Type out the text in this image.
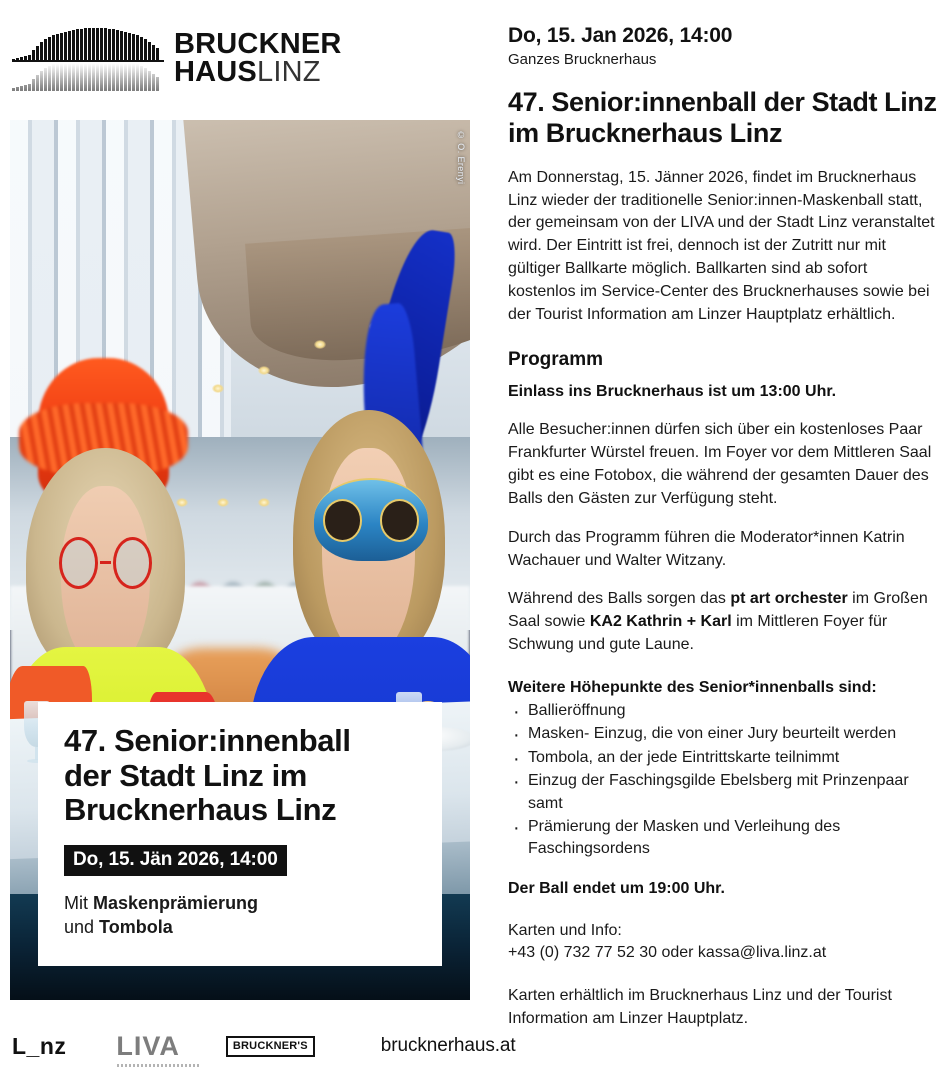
BRUCKNER
HAUSLINZ
© O. Erenyi
47. Senior:innenball
der Stadt Linz im
Brucknerhaus Linz
Do, 15. Jän 2026, 14:00
Mit Maskenprämierung
und Tombola
L_nz LIVA	BRUCKNER'S	brucknerhaus.at
Do, 15. Jan 2026, 14:00
Ganzes Brucknerhaus
47. Senior:innenball der Stadt Linz im Brucknerhaus Linz

Am Donnerstag, 15. Jänner 2026, findet im Brucknerhaus Linz wieder der traditionelle Senior:innen-Maskenball statt, der gemeinsam von der LIVA und der Stadt Linz veranstaltet wird. Der Eintritt ist frei, dennoch ist der Zutritt nur mit gültiger Ballkarte möglich. Ballkarten sind ab sofort kostenlos im Service-Center des Brucknerhauses sowie bei der Tourist Information am Linzer Hauptplatz erhältlich.

Programm

Einlass ins Brucknerhaus ist um 13:00 Uhr.

Alle Besucher:innen dürfen sich über ein kostenloses Paar Frankfurter Würstel freuen. Im Foyer vor dem Mittleren Saal gibt es eine Fotobox, die während der gesamten Dauer des Balls den Gästen zur Verfügung steht.

Durch das Programm führen die Moderator*innen Katrin Wachauer und Walter Witzany.

Während des Balls sorgen das pt art orchester im Großen Saal sowie KA2 Kathrin + Karl im Mittleren Foyer für Schwung und gute Laune.

Weitere Höhepunkte des Senior*innenballs sind:
· Ballieröffnung
· Masken- Einzug, die von einer Jury beurteilt werden
· Tombola, an der jede Eintrittskarte teilnimmt
· Einzug der Faschingsgilde Ebelsberg mit Prinzenpaar samt
· Prämierung der Masken und Verleihung des Faschingsordens

Der Ball endet um 19:00 Uhr.

Karten und Info:
+43 (0) 732 77 52 30 oder kassa@liva.linz.at

Karten erhältlich im Brucknerhaus Linz und der Tourist Information am Linzer Hauptplatz.
